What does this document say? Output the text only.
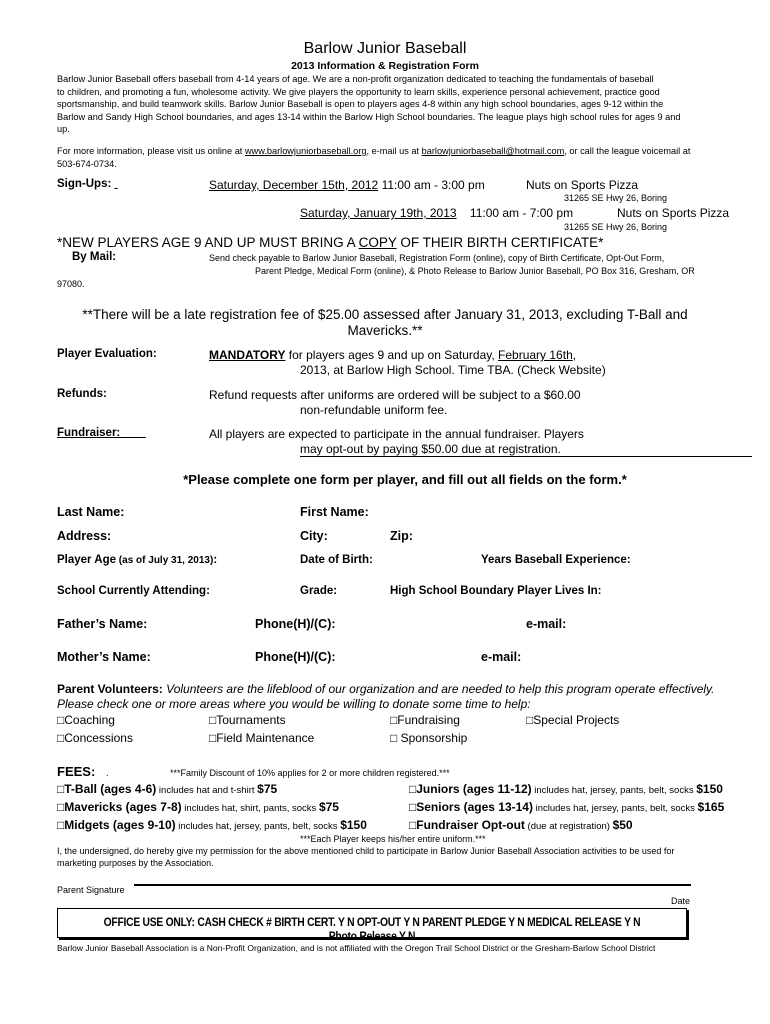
Barlow Junior Baseball
2013 Information & Registration Form
Barlow Junior Baseball offers baseball from 4-14 years of age. We are a non-profit organization dedicated to teaching the fundamentals of baseball
to children, and promoting a fun, wholesome activity. We give players the opportunity to learn skills, experience personal achievement, practice good
sportsmanship, and build teamwork skills. Barlow Junior Baseball is open to players ages 4-8 within any high school boundaries, ages 9-12 within the
Barlow and Sandy High School boundaries, and ages 13-14 within the Barlow High School boundaries. The league plays high school rules for ages 9 and
up.
For more information, please visit us online at www.barlowjuniorbaseball.org, e-mail us at barlowjuniorbaseball@hotmail.com, or call the league voicemail at
503-674-0734.
Sign-Ups:	Saturday, December 15th, 2012 11:00 am - 3:00 pm	Nuts on Sports Pizza
31265 SE Hwy 26, Boring
Saturday, January 19th, 2013 11:00 am - 7:00 pm	Nuts on Sports Pizza
31265 SE Hwy 26, Boring
*NEW PLAYERS AGE 9 AND UP MUST BRING A COPY OF THEIR BIRTH CERTIFICATE*
By Mail:	Send check payable to Barlow Junior Baseball, Registration Form (online), copy of Birth Certificate, Opt-Out Form,
Parent Pledge, Medical Form (online), & Photo Release to Barlow Junior Baseball, PO Box 316, Gresham, OR
97080.
**There will be a late registration fee of $25.00 assessed after January 31, 2013, excluding T-Ball and
Mavericks.**
Player Evaluation:	MANDATORY for players ages 9 and up on Saturday, February 16th,
2013, at Barlow High School. Time TBA. (Check Website)
Refunds:	Refund requests after uniforms are ordered will be subject to a $60.00
non-refundable uniform fee.
Fundraiser:	All players are expected to participate in the annual fundraiser. Players
may opt-out by paying $50.00 due at registration.
*Please complete one form per player, and fill out all fields on the form.*
Last Name:	First Name:
Address:	City:	Zip:
Player Age (as of July 31, 2013):	Date of Birth:	Years Baseball Experience:
School Currently Attending:	Grade:	High School Boundary Player Lives In:
Father’s Name:	Phone(H)/(C):	e-mail:
Mother’s Name:	Phone(H)/(C):	e-mail:
Parent Volunteers: Volunteers are the lifeblood of our organization and are needed to help this program operate effectively.
Please check one or more areas where you would be willing to donate some time to help:
□Coaching	□Tournaments	□Fundraising	□Special Projects
□Concessions	□Field Maintenance	□ Sponsorship
FEES: .	***Family Discount of 10% applies for 2 or more children registered.***
□T-Ball (ages 4-6) includes hat and t-shirt $75	□Juniors (ages 11-12) includes hat, jersey, pants, belt, socks $150
□Mavericks (ages 7-8) includes hat, shirt, pants, socks $75	□Seniors (ages 13-14) includes hat, jersey, pants, belt, socks $165
□Midgets (ages 9-10) includes hat, jersey, pants, belt, socks $150	□Fundraiser Opt-out (due at registration) $50
***Each Player keeps his/her entire uniform.***
I, the undersigned, do hereby give my permission for the above mentioned child to participate in Barlow Junior Baseball Association activities to be used for
marketing purposes by the Association.
Parent Signature
Date
OFFICE USE ONLY: CASH CHECK # BIRTH CERT. Y N OPT-OUT Y N PARENT PLEDGE Y N MEDICAL RELEASE Y N Photo Release Y N
Barlow Junior Baseball Association is a Non-Profit Organization, and is not affiliated with the Oregon Trail School District or the Gresham-Barlow School District
